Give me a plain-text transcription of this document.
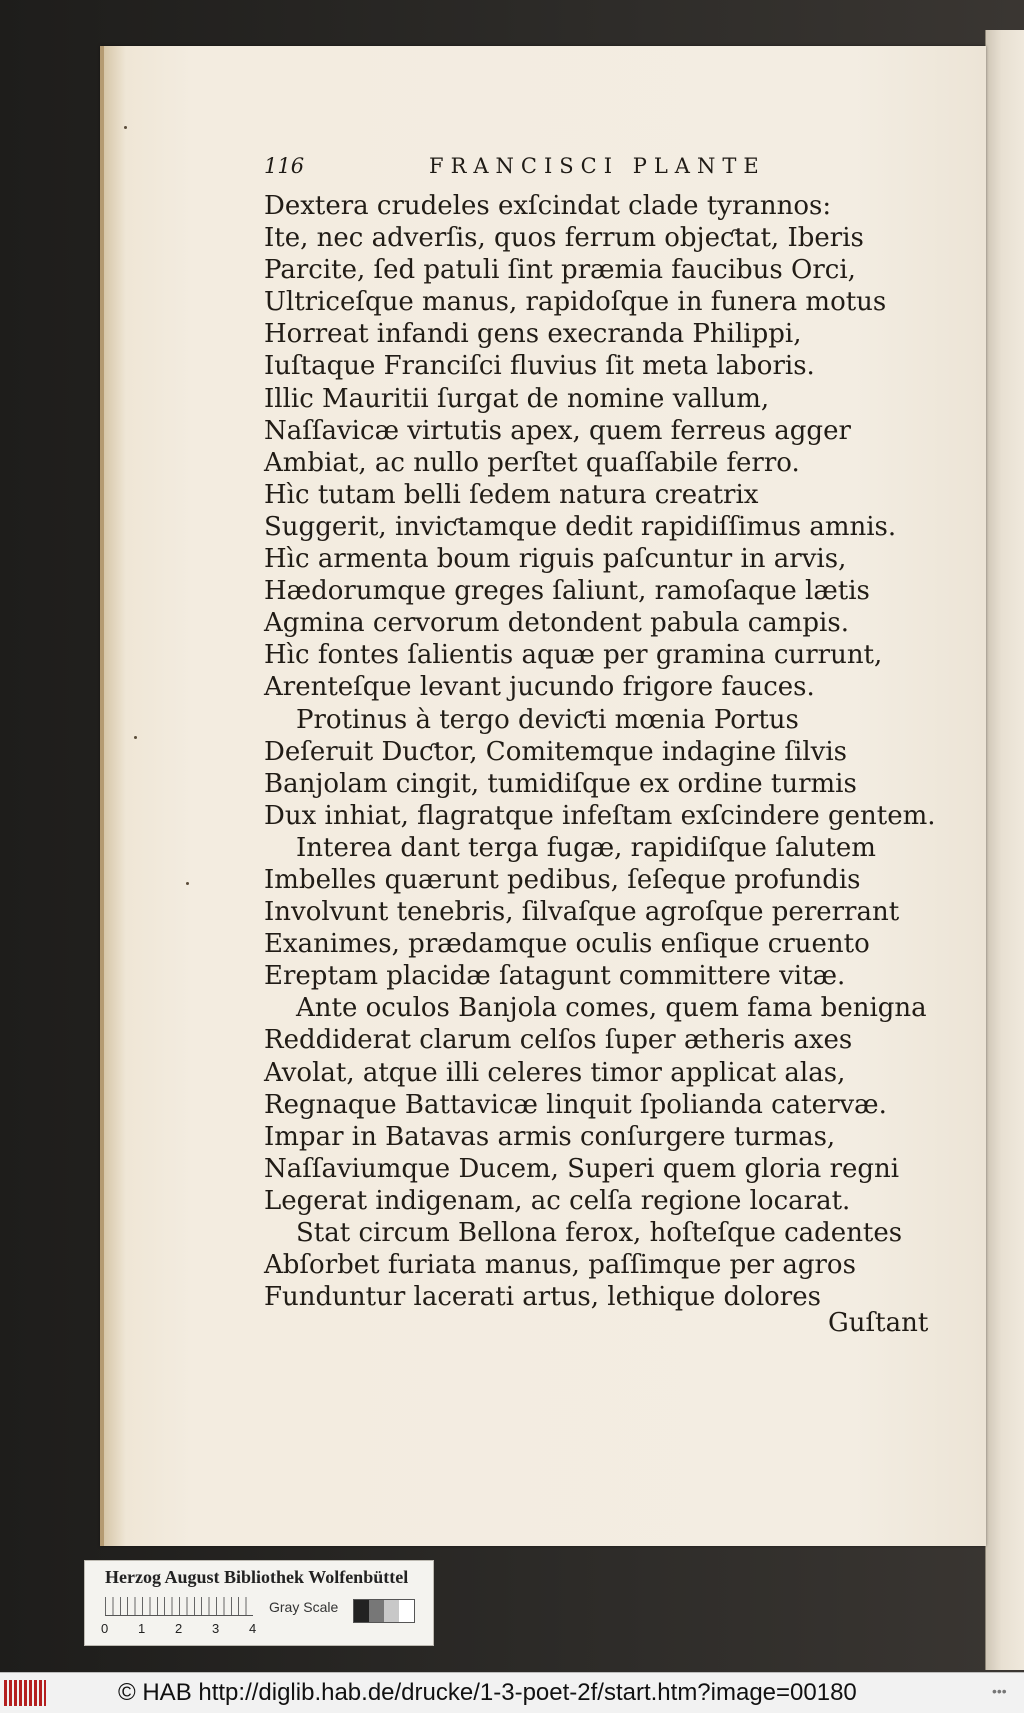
116	FRANCISCI PLANTE
Dextera crudeles exſcindat clade tyrannos:
Ite, nec adverſis, quos ferrum objeƈtat, Iberis
Parcite, ſed patuli ſint præmia faucibus Orci,
Ultriceſque manus, rapidoſque in funera motus
Horreat infandi gens execranda Philippi,
Iuſtaque Franciſci fluvius ſit meta laboris.
Illic Mauritii ſurgat de nomine vallum,
Naſſavicæ virtutis apex, quem ferreus agger
Ambiat, ac nullo perſtet quaſſabile ferro.
Hìc tutam belli ſedem natura creatrix
Suggerit, inviƈtamque dedit rapidiſſimus amnis.
Hìc armenta boum riguis paſcuntur in arvis,
Hædorumque greges ſaliunt, ramoſaque lætis
Agmina cervorum detondent pabula campis.
Hìc fontes ſalientis aquæ per gramina currunt,
Arenteſque levant jucundo frigore fauces.
Protinus à tergo deviƈti mœnia Portus
Deſeruit Duƈtor, Comitemque indagine ſilvis
Banjolam cingit, tumidiſque ex ordine turmis
Dux inhiat, flagratque infeſtam exſcindere gentem.
Interea dant terga fugæ, rapidiſque ſalutem
Imbelles quærunt pedibus, ſeſeque profundis
Involvunt tenebris, ſilvaſque agroſque pererrant
Exanimes, prædamque oculis enſique cruento
Ereptam placidæ ſatagunt committere vitæ.
Ante oculos Banjola comes, quem fama benigna
Reddiderat clarum celſos ſuper ætheris axes
Avolat, atque illi celeres timor applicat alas,
Regnaque Battavicæ linquit ſpolianda catervæ.
Impar in Batavas armis conſurgere turmas,
Naſſaviumque Ducem, Superi quem gloria regni
Legerat indigenam, ac celſa regione locarat.
Stat circum Bellona ferox, hoſteſque cadentes
Abſorbet furiata manus, paſſimque per agros
Funduntur lacerati artus, lethique dolores
Guſtant
Herzog August Bibliothek Wolfenbüttel
0 1 2 3 4
Gray Scale
© HAB http://diglib.hab.de/drucke/1-3-poet-2f/start.htm?image=00180	•••
